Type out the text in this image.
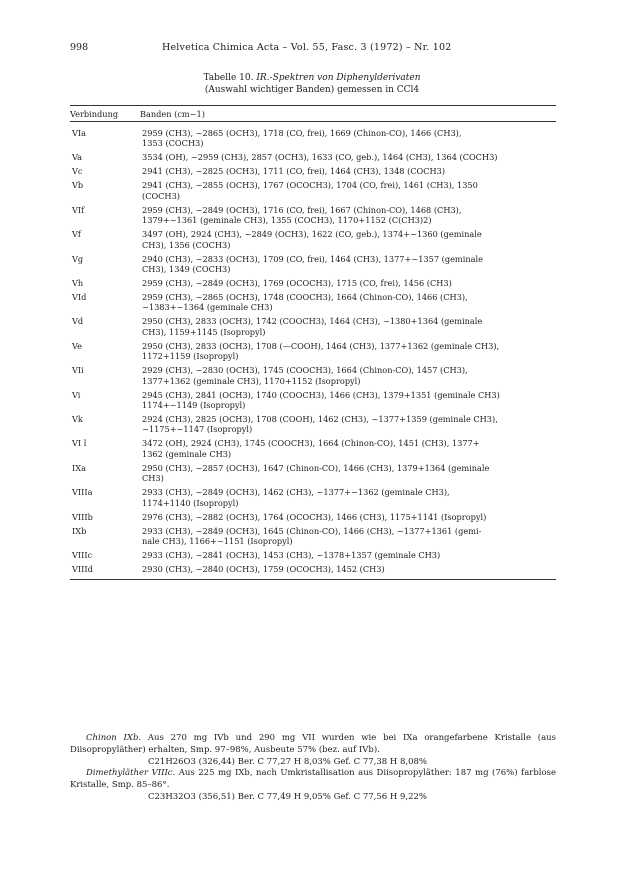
998	Helvetica Chimica Acta – Vol. 55, Fasc. 3 (1972) – Nr. 102
Tabelle 10. IR.-Spektren von Diphenylderivaten
(Auswahl wichtiger Banden) gemessen in CCl4
Verbindung	Banden (cm−1)
VIa	2959 (CH3), ~2865 (OCH3), 1718 (CO, frei), 1669 (Chinon-CO), 1466 (CH3),
1353 (COCH3)
Va	3534 (OH), ~2959 (CH3), 2857 (OCH3), 1633 (CO, geb.), 1464 (CH3), 1364 (COCH3)
Vc	2941 (CH3), ~2825 (OCH3), 1711 (CO, frei), 1464 (CH3), 1348 (COCH3)
Vb	2941 (CH3), ~2855 (OCH3), 1767 (OCOCH3), 1704 (CO, frei), 1461 (CH3), 1350
(COCH3)
VIf	2959 (CH3), ~2849 (OCH3), 1716 (CO, frei), 1667 (Chinon-CO), 1468 (CH3),
1379+~1361 (geminale CH3), 1355 (COCH3), 1170+1152 (C(CH3)2)
Vf	3497 (OH), 2924 (CH3), ~2849 (OCH3), 1622 (CO, geb.), 1374+~1360 (geminale
CH3), 1356 (COCH3)
Vg	2940 (CH3), ~2833 (OCH3), 1709 (CO, frei), 1464 (CH3), 1377+~1357 (geminale
CH3), 1349 (COCH3)
Vh	2959 (CH3), ~2849 (OCH3), 1769 (OCOCH3), 1715 (CO, frei), 1456 (CH3)
VId	2959 (CH3), ~2865 (OCH3), 1748 (COOCH3), 1664 (Chinon-CO), 1466 (CH3),
~1383+~1364 (geminale CH3)
Vd	2950 (CH3), 2833 (OCH3), 1742 (COOCH3), 1464 (CH3), ~1380+1364 (geminale
CH3), 1159+1145 (Isopropyl)
Ve	2950 (CH3), 2833 (OCH3), 1708 (—COOH), 1464 (CH3), 1377+1362 (geminale CH3),
1172+1159 (Isopropyl)
VIi	2929 (CH3), ~2830 (OCH3), 1745 (COOCH3), 1664 (Chinon-CO), 1457 (CH3),
1377+1362 (geminale CH3), 1170+1152 (Isopropyl)
Vi	2945 (CH3), 2841 (OCH3), 1740 (COOCH3), 1466 (CH3), 1379+1351 (geminale CH3)
1174+~1149 (Isopropyl)
Vk	2924 (CH3), 2825 (OCH3), 1708 (COOH), 1462 (CH3), ~1377+1359 (geminale CH3),
~1175+~1147 (Isopropyl)
VI l	3472 (OH), 2924 (CH3), 1745 (COOCH3), 1664 (Chinon-CO), 1451 (CH3), 1377+
1362 (geminale CH3)
IXa	2950 (CH3), ~2857 (OCH3), 1647 (Chinon-CO), 1466 (CH3), 1379+1364 (geminale
CH3)
VIIIa	2933 (CH3), ~2849 (OCH3), 1462 (CH3), ~1377+~1362 (geminale CH3),
1174+1140 (Isopropyl)
VIIIb	2976 (CH3), ~2882 (OCH3), 1764 (OCOCH3), 1466 (CH3), 1175+1141 (Isopropyl)
IXb	2933 (CH3), ~2849 (OCH3), 1645 (Chinon-CO), 1466 (CH3), ~1377+1361 (gemi-
nale CH3), 1166+~1151 (Isopropyl)
VIIIc	2933 (CH3), ~2841 (OCH3), 1453 (CH3), ~1378+1357 (geminale CH3)
VIIId	2930 (CH3), ~2840 (OCH3), 1759 (OCOCH3), 1452 (CH3)

Chinon IXb. Aus 270 mg IVb und 290 mg VII wurden wie bei IXa orangefarbene Kristalle (aus Diisopropyläther) erhalten, Smp. 97–98%, Ausbeute 57% (bez. auf IVb).

C21H26O3 (326,44) Ber. C 77,27 H 8,03% Gef. C 77,38 H 8,08%

Dimethyläther VIIIc. Aus 225 mg IXb, nach Umkristallisation aus Diisopropyläther: 187 mg (76%) farblose Kristalle, Smp. 85–86°.

C23H32O3 (356,51) Ber. C 77,49 H 9,05% Gef. C 77,56 H 9,22%
